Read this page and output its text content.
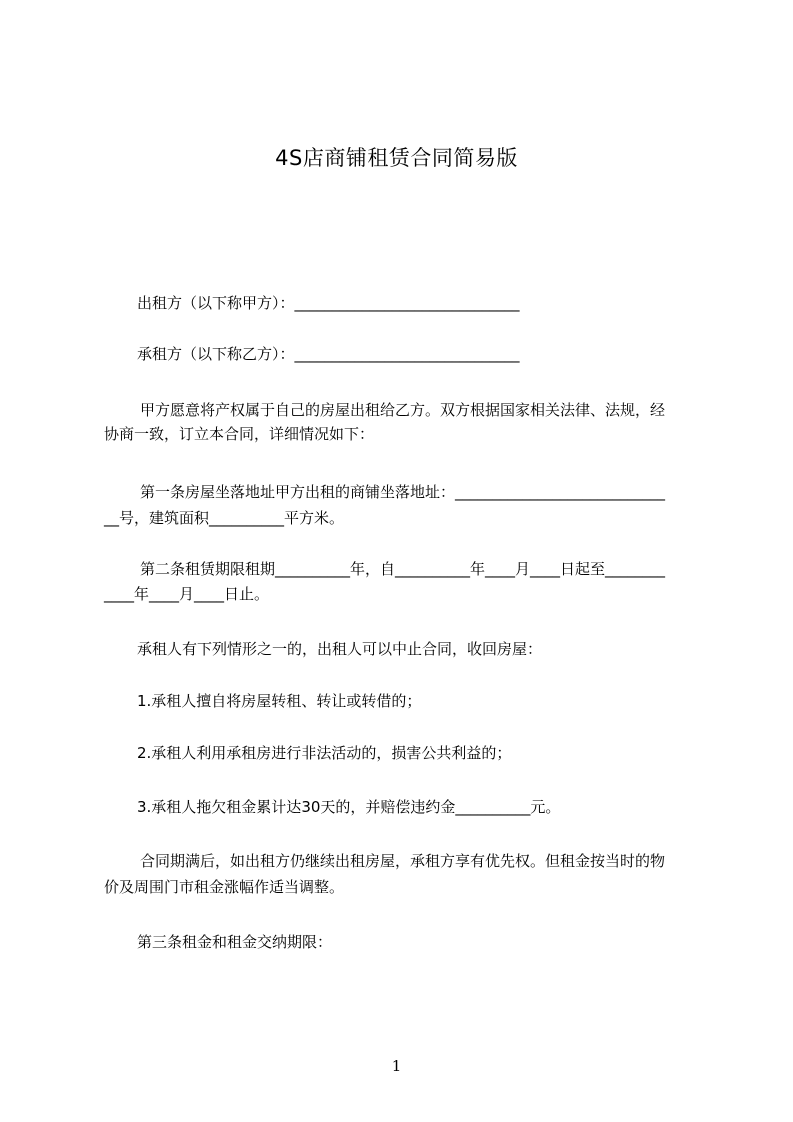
4S店商铺租赁合同简易版
出租方（以下称甲方）：______________________________
承租方（以下称乙方）：______________________________
甲方愿意将产权属于自己的房屋出租给乙方。双方根据国家相关法律、法规，经
协商一致，订立本合同，详细情况如下：
第一条房屋坐落地址甲方出租的商铺坐落地址：____________________________
__号，建筑面积__________平方米。
第二条租赁期限租期__________年，自__________年____月____日起至________
____年____月____日止。
承租人有下列情形之一的，出租人可以中止合同，收回房屋：
1.承租人擅自将房屋转租、转让或转借的；
2.承租人利用承租房进行非法活动的，损害公共利益的；
3.承租人拖欠租金累计达30天的，并赔偿违约金__________元。
合同期满后，如出租方仍继续出租房屋，承租方享有优先权。但租金按当时的物
价及周围门市租金涨幅作适当调整。
第三条租金和租金交纳期限：
1
